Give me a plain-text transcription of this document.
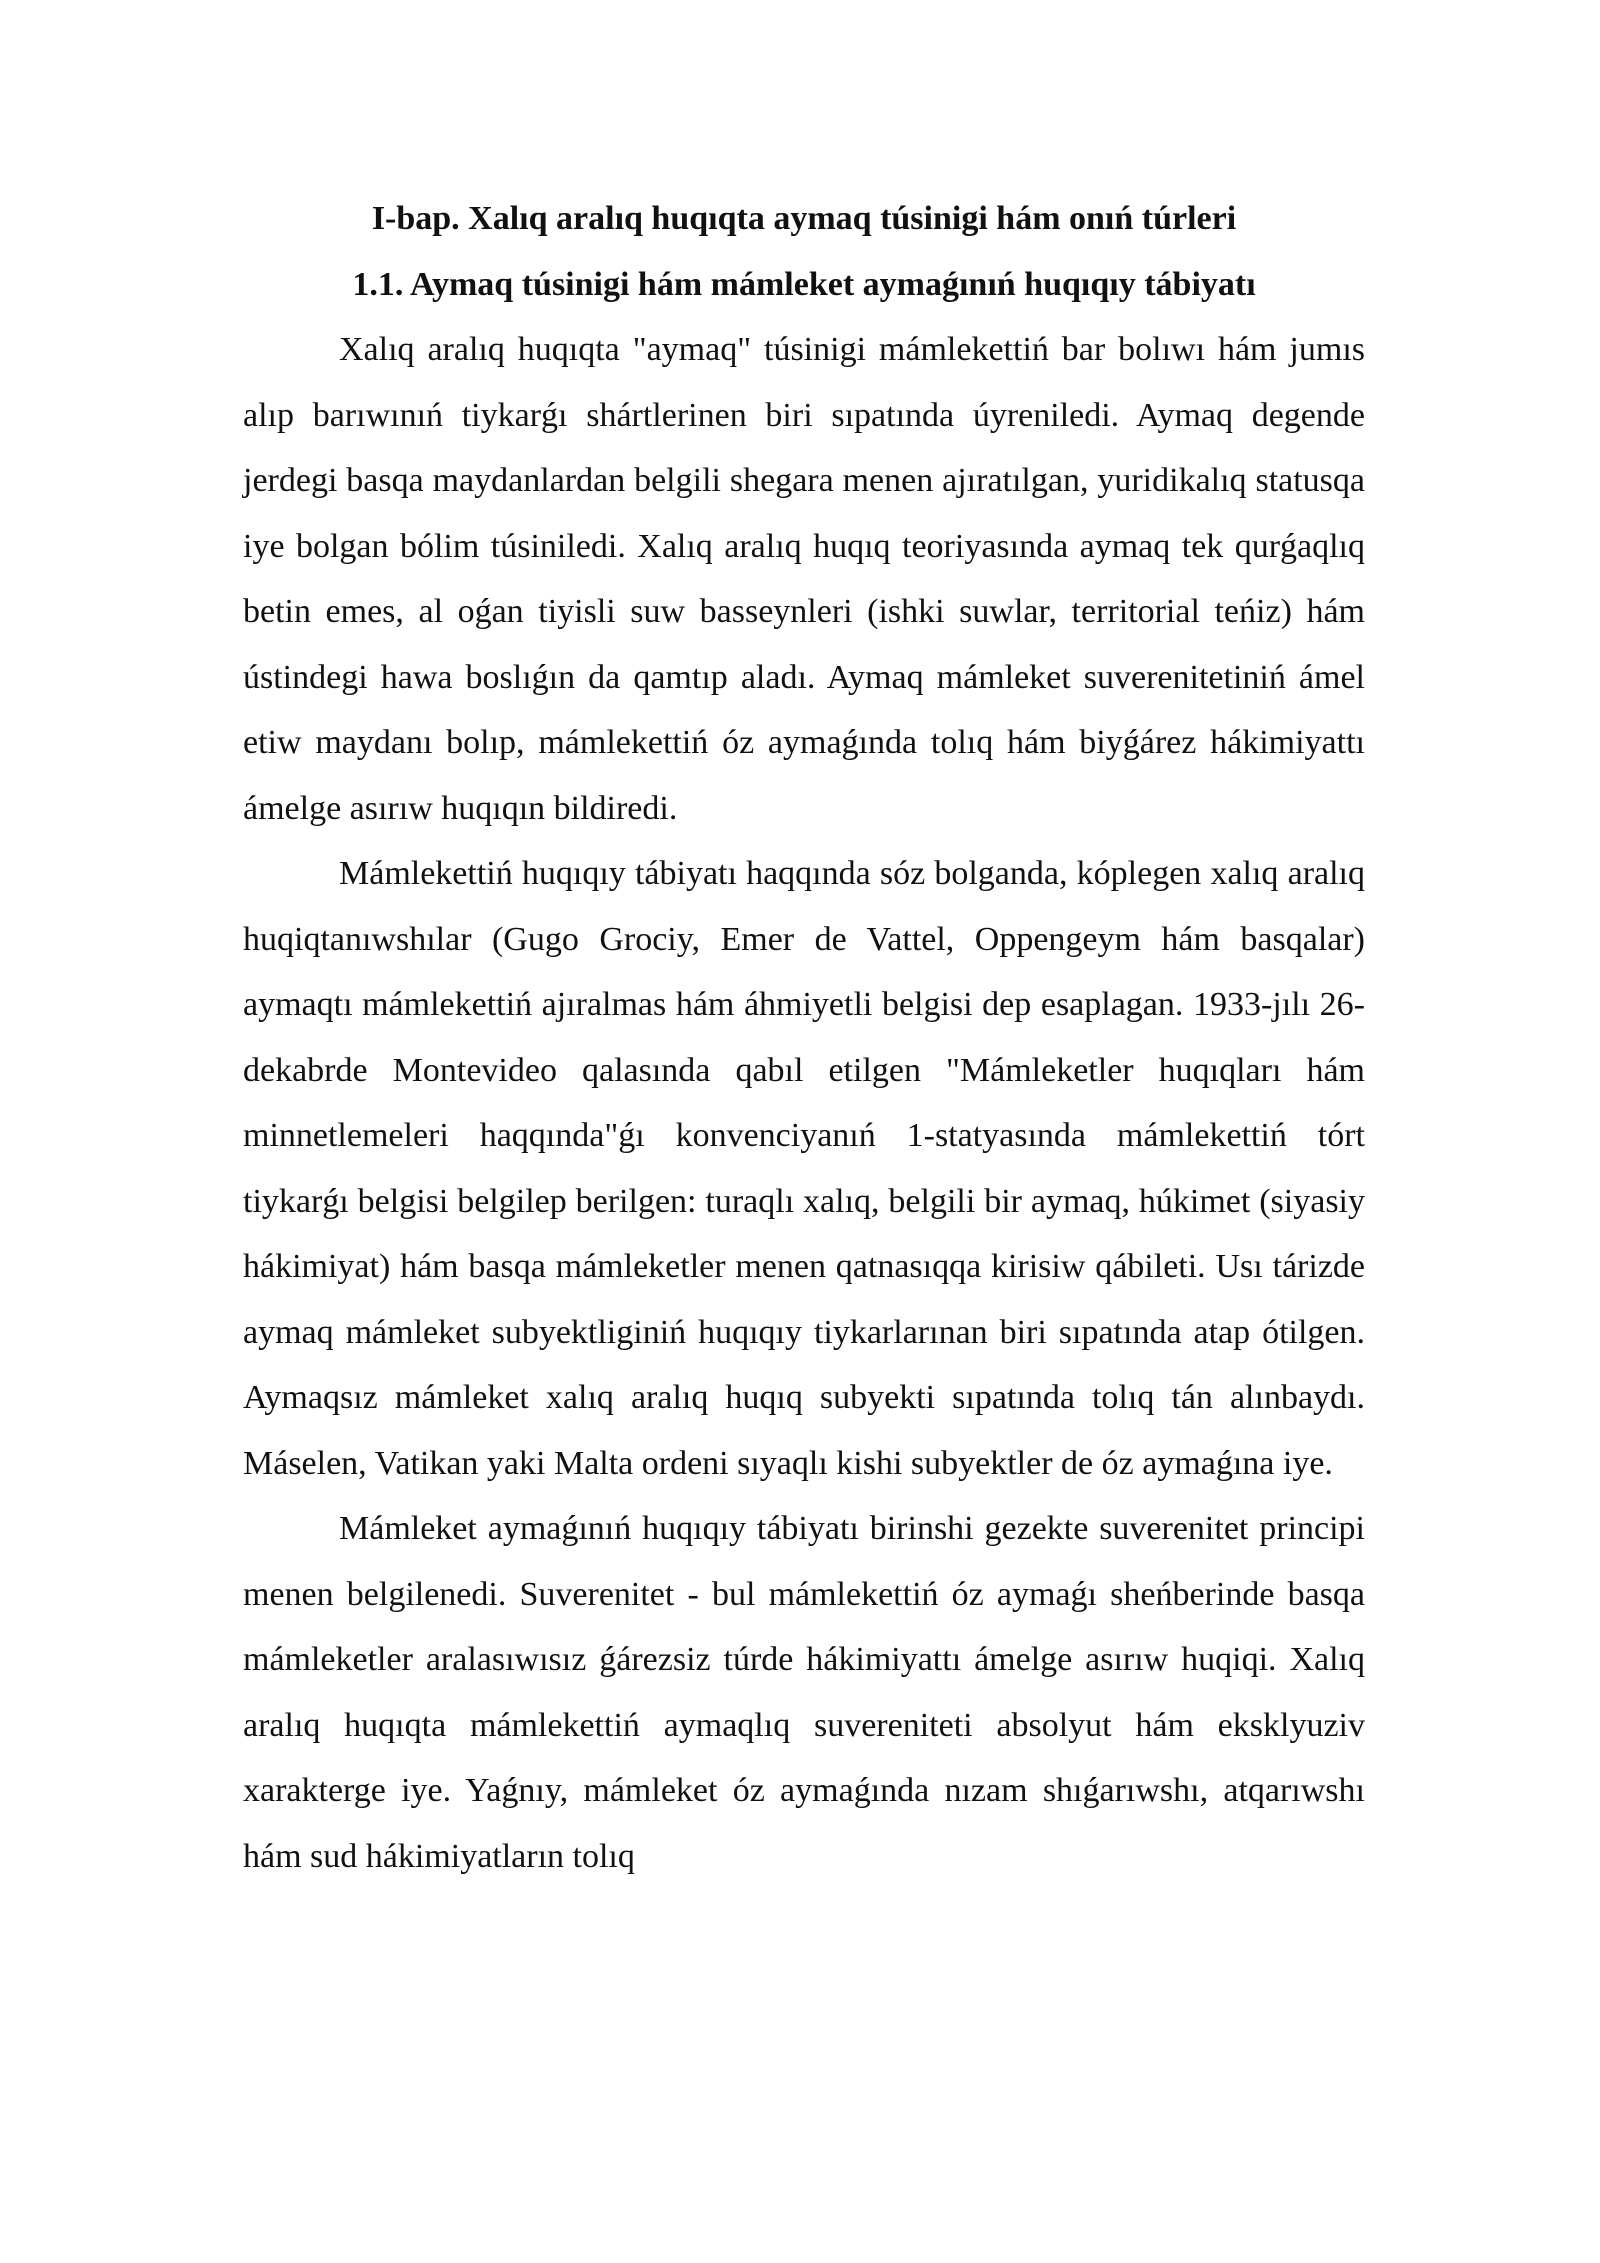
I-bap. Xalıq aralıq huqıqta aymaq túsinigi hám onıń túrleri
1.1. Aymaq túsinigi hám mámleket aymaǵınıń huqıqıy tábiyatı

Xalıq aralıq huqıqta "aymaq" túsinigi mámlekettiń bar bolıwı hám jumıs alıp barıwınıń tiykarǵı shártlerinen biri sıpatında úyreniledi. Aymaq degende jerdegi basqa maydanlardan belgili shegara menen ajıratılgan, yuridikalıq statusqa iye bolgan bólim túsiniledi. Xalıq aralıq huqıq teoriyasında aymaq tek qurǵaqlıq betin emes, al oǵan tiyisli suw basseynleri (ishki suwlar, territorial teńiz) hám ústindegi hawa boslıǵın da qamtıp aladı. Aymaq mámleket suverenitetiniń ámel etiw maydanı bolıp, mámlekettiń óz aymaǵında tolıq hám biyǵárez hákimiyattı ámelge asırıw huqıqın bildiredi.

Mámlekettiń huqıqıy tábiyatı haqqında sóz bolganda, kóplegen xalıq aralıq huqiqtanıwshılar (Gugo Grociy, Emer de Vattel, Oppengeym hám basqalar) aymaqtı mámlekettiń ajıralmas hám áhmiyetli belgisi dep esaplagan. 1933-jılı 26-dekabrde Montevideo qalasında qabıl etilgen "Mámleketler huqıqları hám minnetlemeleri haqqında"ǵı konvenciyanıń 1-statyasında mámlekettiń tórt tiykarǵı belgisi belgilep berilgen: turaqlı xalıq, belgili bir aymaq, húkimet (siyasiy hákimiyat) hám basqa mámleketler menen qatnasıqqa kirisiw qábileti. Usı tárizde aymaq mámleket subyektliginiń huqıqıy tiykarlarınan biri sıpatında atap ótilgen. Aymaqsız mámleket xalıq aralıq huqıq subyekti sıpatında tolıq tán alınbaydı. Máselen, Vatikan yaki Malta ordeni sıyaqlı kishi subyektler de óz aymaǵına iye.

Mámleket aymaǵınıń huqıqıy tábiyatı birinshi gezekte suverenitet principi menen belgilenedi. Suverenitet - bul mámlekettiń óz aymaǵı sheńberinde basqa mámleketler aralasıwısız ǵárezsiz túrde hákimiyattı ámelge asırıw huqiqi. Xalıq aralıq huqıqta mámlekettiń aymaqlıq suvereniteti absolyut hám eksklyuziv xarakterge iye. Yaǵnıy, mámleket óz aymaǵında nızam shıǵarıwshı, atqarıwshı hám sud hákimiyatların tolıq
